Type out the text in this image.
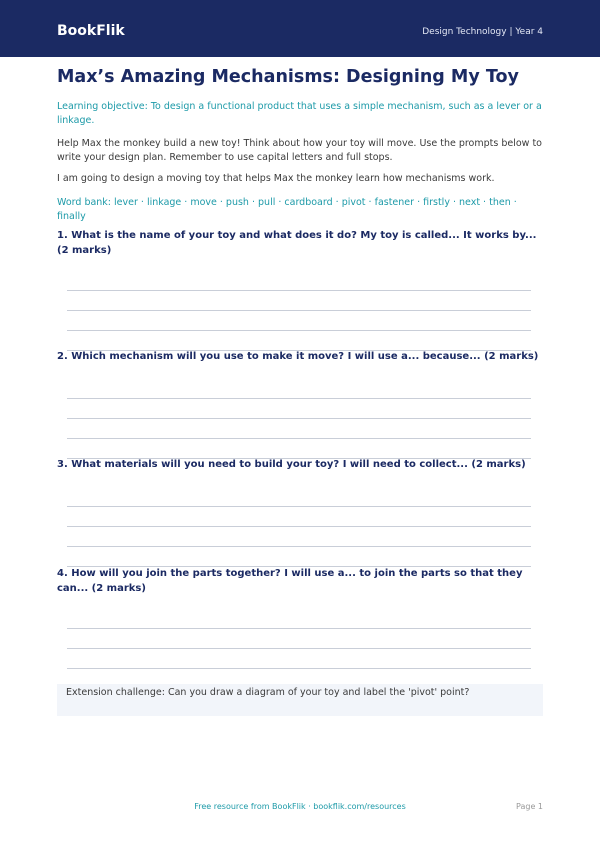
BookFlik	Design Technology | Year 4
Max’s Amazing Mechanisms: Designing My Toy

Learning objective: To design a functional product that uses a simple mechanism, such as a lever or a linkage.

Help Max the monkey build a new toy! Think about how your toy will move. Use the prompts below to write your design plan. Remember to use capital letters and full stops.

I am going to design a moving toy that helps Max the monkey learn how mechanisms work.

Word bank: lever · linkage · move · push · pull · cardboard · pivot · fastener · firstly · next · then · finally

1. What is the name of your toy and what does it do? My toy is called... It works by... (2 marks)

2. Which mechanism will you use to make it move? I will use a... because... (2 marks)

3. What materials will you need to build your toy? I will need to collect... (2 marks)

4. How will you join the parts together? I will use a... to join the parts so that they can... (2 marks)

Extension challenge: Can you draw a diagram of your toy and label the 'pivot' point?
Free resource from BookFlik · bookflik.com/resources	Page 1
